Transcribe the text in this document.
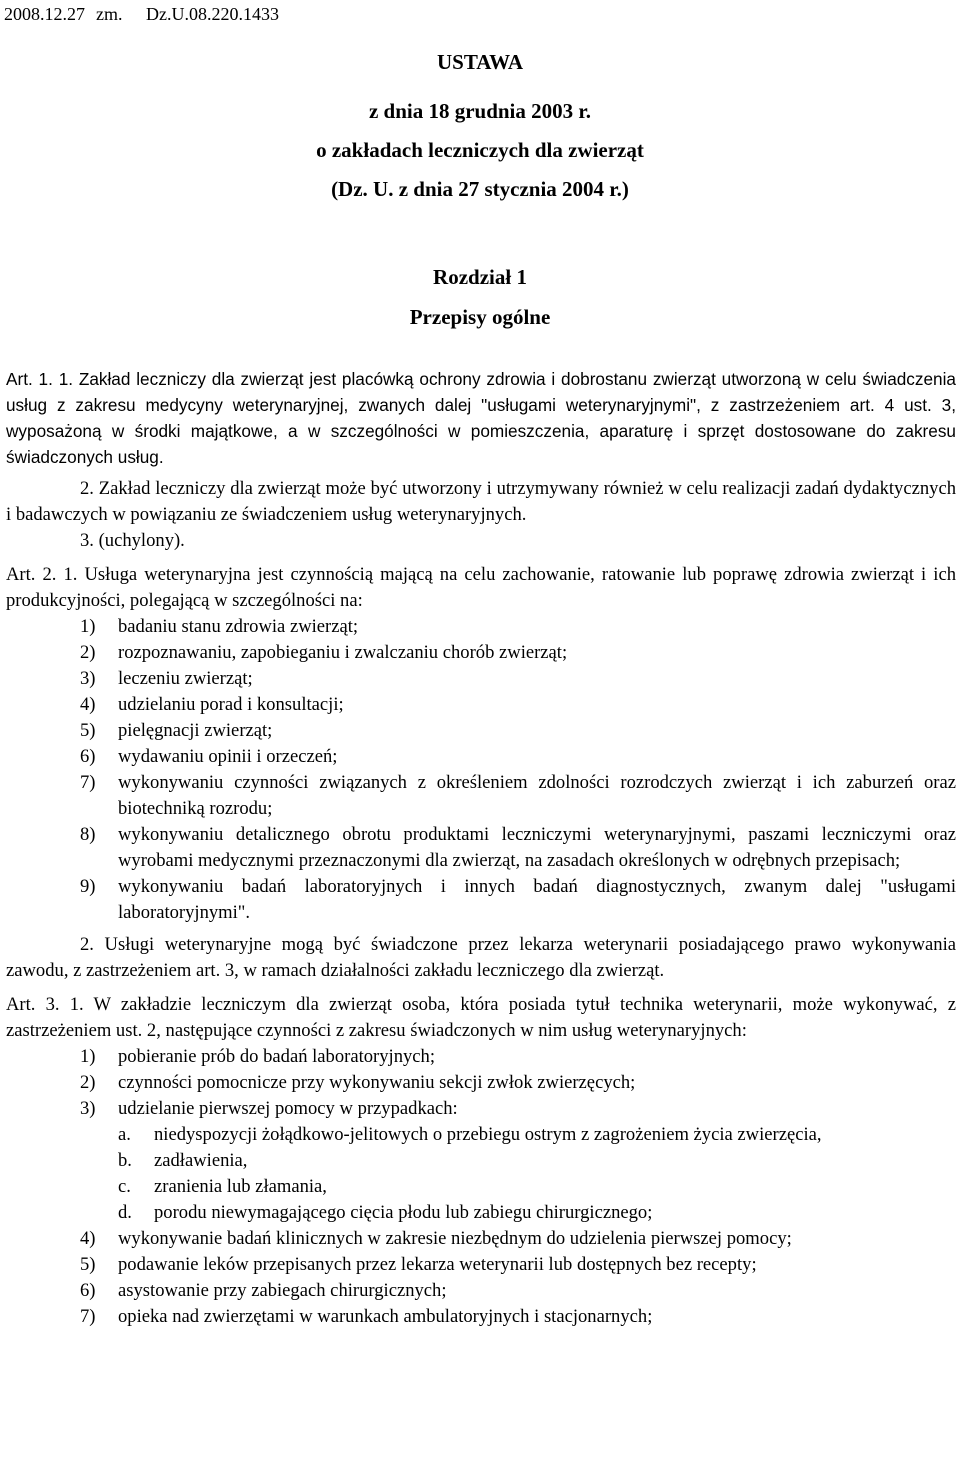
2008.12.27 zm. Dz.U.08.220.1433
USTAWA
z dnia 18 grudnia 2003 r.
o zakładach leczniczych dla zwierząt
(Dz. U. z dnia 27 stycznia 2004 r.)
Rozdział 1
Przepisy ogólne

Art. 1. 1. Zakład leczniczy dla zwierząt jest placówką ochrony zdrowia i dobrostanu zwierząt utworzoną w celu świadczenia usług z zakresu medycyny weterynaryjnej, zwanych dalej "usługami weterynaryjnymi", z zastrzeżeniem art. 4 ust. 3, wyposażoną w środki majątkowe, a w szczególności w pomieszczenia, aparaturę i sprzęt dostosowane do zakresu świadczonych usług.

2. Zakład leczniczy dla zwierząt może być utworzony i utrzymywany również w celu realizacji zadań dydaktycznych i badawczych w powiązaniu ze świadczeniem usług weterynaryjnych.

3. (uchylony).

Art. 2. 1. Usługa weterynaryjna jest czynnością mającą na celu zachowanie, ratowanie lub poprawę zdrowia zwierząt i ich produkcyjności, polegającą w szczególności na:

1)	badaniu stanu zdrowia zwierząt;
2)	rozpoznawaniu, zapobieganiu i zwalczaniu chorób zwierząt;
3)	leczeniu zwierząt;
4)	udzielaniu porad i konsultacji;
5)	pielęgnacji zwierząt;
6)	wydawaniu opinii i orzeczeń;
7)	wykonywaniu czynności związanych z określeniem zdolności rozrodczych zwierząt i ich zaburzeń oraz biotechniką rozrodu;
8)	wykonywaniu detalicznego obrotu produktami leczniczymi weterynaryjnymi, paszami leczniczymi oraz wyrobami medycznymi przeznaczonymi dla zwierząt, na zasadach określonych w odrębnych przepisach;
9)	wykonywaniu badań laboratoryjnych i innych badań diagnostycznych, zwanym dalej "usługami laboratoryjnymi".

2. Usługi weterynaryjne mogą być świadczone przez lekarza weterynarii posiadającego prawo wykonywania zawodu, z zastrzeżeniem art. 3, w ramach działalności zakładu leczniczego dla zwierząt.

Art. 3. 1. W zakładzie leczniczym dla zwierząt osoba, która posiada tytuł technika weterynarii, może wykonywać, z zastrzeżeniem ust. 2, następujące czynności z zakresu świadczonych w nim usług weterynaryjnych:

1)	pobieranie prób do badań laboratoryjnych;
2)	czynności pomocnicze przy wykonywaniu sekcji zwłok zwierzęcych;
3)	udzielanie pierwszej pomocy w przypadkach:
a.	niedyspozycji żołądkowo-jelitowych o przebiegu ostrym z zagrożeniem życia zwierzęcia,
b.	zadławienia,
c.	zranienia lub złamania,
d.	porodu niewymagającego cięcia płodu lub zabiegu chirurgicznego;
4)	wykonywanie badań klinicznych w zakresie niezbędnym do udzielenia pierwszej pomocy;
5)	podawanie leków przepisanych przez lekarza weterynarii lub dostępnych bez recepty;
6)	asystowanie przy zabiegach chirurgicznych;
7)	opieka nad zwierzętami w warunkach ambulatoryjnych i stacjonarnych;
